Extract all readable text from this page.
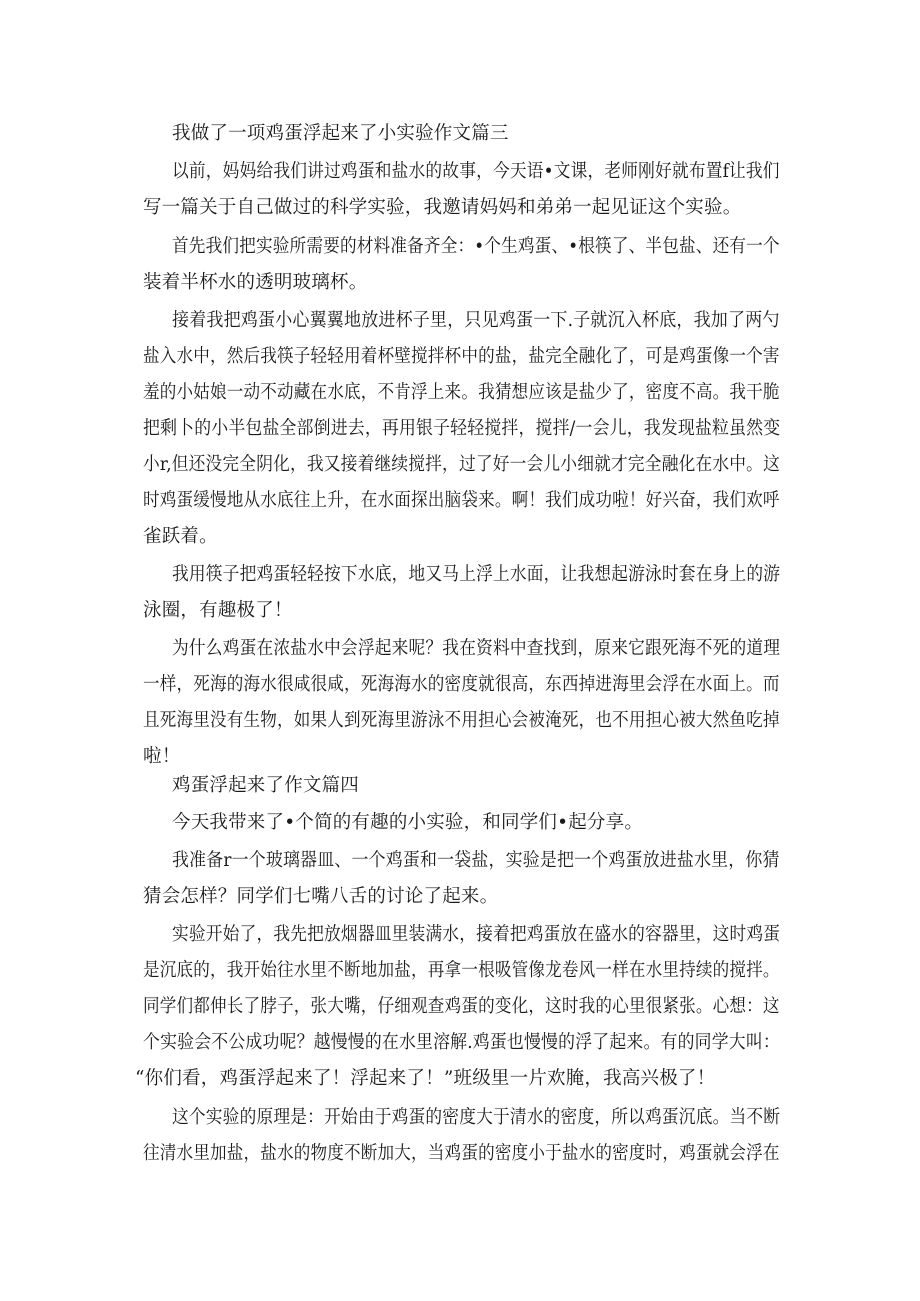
我做了一项鸡蛋浮起来了小实验作文篇三
以前，妈妈给我们讲过鸡蛋和盐水的故事，今天语•文课，老师刚好就布置f让我们
写一篇关于自己做过的科学实验，我邀请妈妈和弟弟一起见证这个实验。
首先我们把实验所需要的材料准备齐全：•个生鸡蛋、•根筷了、半包盐、还有一个
装着半杯水的透明玻璃杯。
接着我把鸡蛋小心翼翼地放进杯子里，只见鸡蛋一下.子就沉入杯底，我加了两勺
盐入水中，然后我筷子轻轻用着杯壁搅拌杯中的盐，盐完全融化了，可是鸡蛋像一个害
羞的小姑娘一动不动藏在水底，不肯浮上来。我猜想应该是盐少了，密度不高。我干脆
把剩卜的小半包盐全部倒进去，再用银子轻轻搅拌，搅拌/一会儿，我发现盐粒虽然变
小r,但还没完全阴化，我又接着继续搅拌，过了好一会儿小细就才完全融化在水中。这
时鸡蛋缓慢地从水底往上升，在水面探出脑袋来。啊！我们成功啦！好兴奋，我们欢呼
雀跃着。
我用筷子把鸡蛋轻轻按下水底，地又马上浮上水面，让我想起游泳时套在身上的游
泳圈，有趣极了！
为什么鸡蛋在浓盐水中会浮起来呢？我在资料中查找到，原来它跟死海不死的道理
一样，死海的海水很咸很咸，死海海水的密度就很高，东西掉进海里会浮在水面上。而
且死海里没有生物，如果人到死海里游泳不用担心会被淹死，也不用担心被大然鱼吃掉
啦！
鸡蛋浮起来了作文篇四
今天我带来了•个简的有趣的小实验，和同学们•起分享。
我准备r一个玻璃器皿、一个鸡蛋和一袋盐，实验是把一个鸡蛋放进盐水里，你猜
猜会怎样？同学们七嘴八舌的讨论了起来。
实验开始了，我先把放烟器皿里装满水，接着把鸡蛋放在盛水的容器里，这时鸡蛋
是沉底的，我开始往水里不断地加盐，再拿一根吸管像龙卷风一样在水里持续的搅拌。
同学们都伸长了脖子，张大嘴，仔细观查鸡蛋的变化，这时我的心里很紧张。心想：这
个实验会不公成功呢？越慢慢的在水里溶解.鸡蛋也慢慢的浮了起来。有的同学大叫：
“你们看，鸡蛋浮起来了！浮起来了！”班级里一片欢腌，我高兴极了！
这个实验的原理是：开始由于鸡蛋的密度大于清水的密度，所以鸡蛋沉底。当不断
往清水里加盐，盐水的物度不断加大，当鸡蛋的密度小于盐水的密度时，鸡蛋就会浮在
